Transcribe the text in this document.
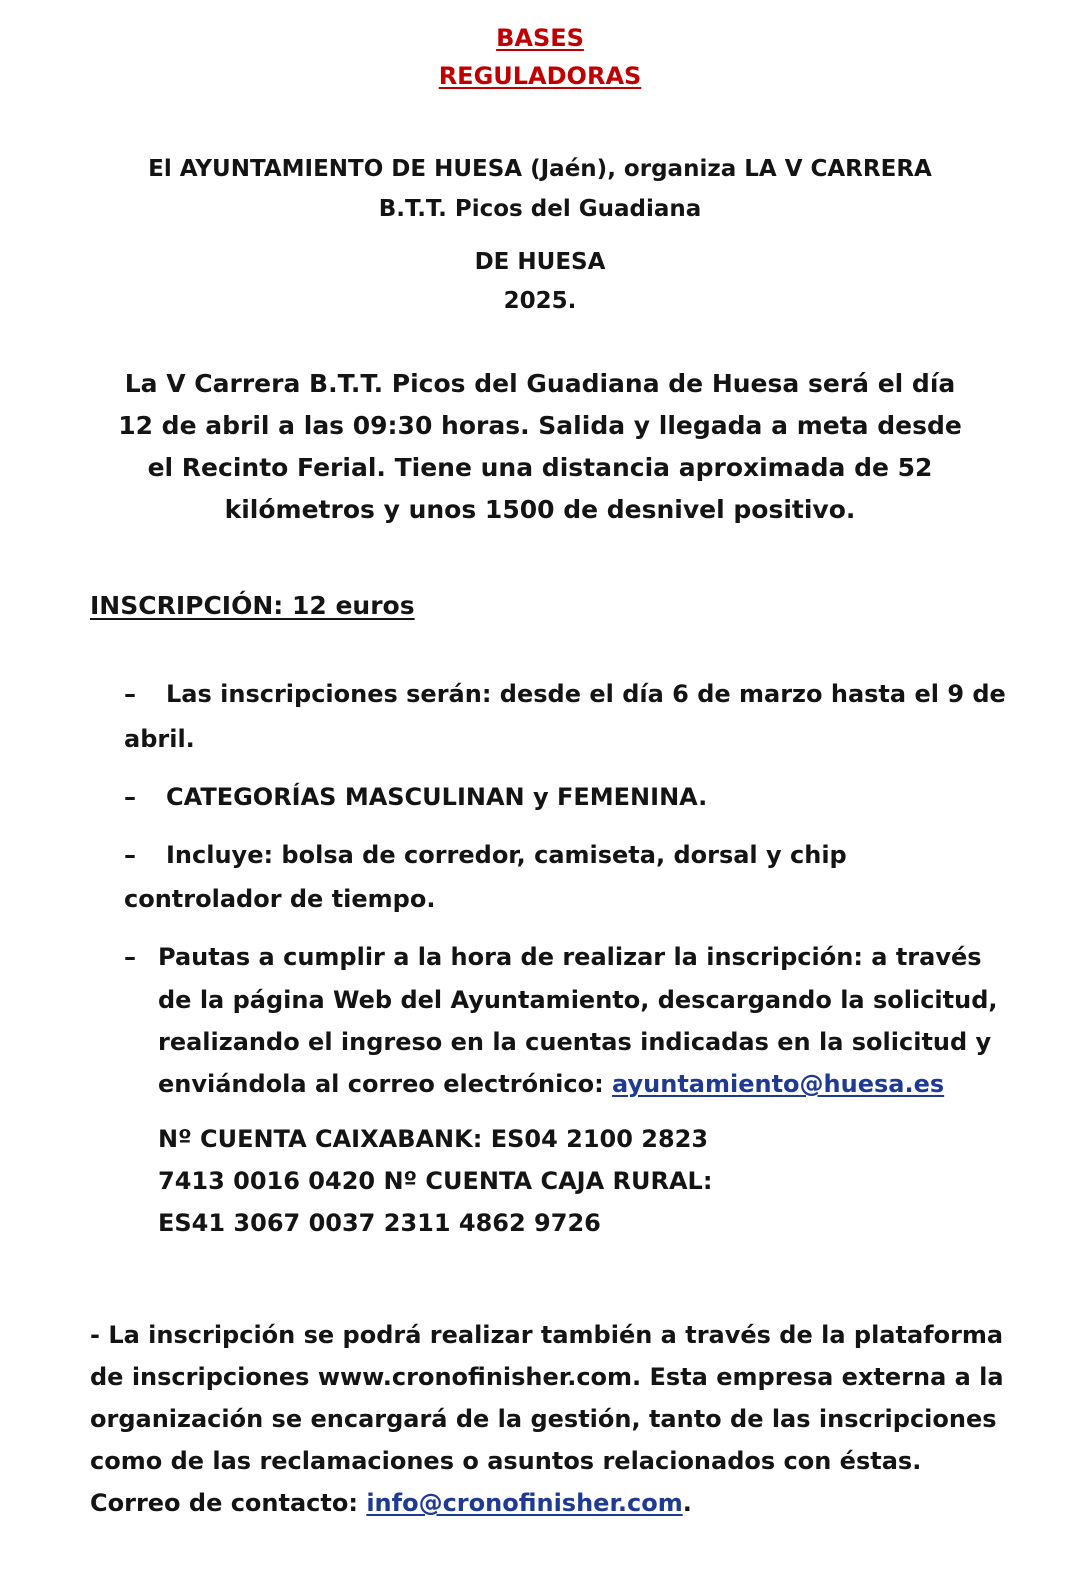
BASES
REGULADORAS
El AYUNTAMIENTO DE HUESA (Jaén), organiza LA V CARRERA
B.T.T. Picos del Guadiana
DE HUESA
2025.
La V Carrera B.T.T. Picos del Guadiana de Huesa será el día
12 de abril a las 09:30 horas. Salida y llegada a meta desde
el Recinto Ferial. Tiene una distancia aproximada de 52
kilómetros y unos 1500 de desnivel positivo.
INSCRIPCIÓN: 12 euros
– Las inscripciones serán: desde el día 6 de marzo hasta el 9 de
abril.
– CATEGORÍAS MASCULINAN y FEMENINA.
– Incluye: bolsa de corredor, camiseta, dorsal y chip
controlador de tiempo.
– Pautas a cumplir a la hora de realizar la inscripción: a través
de la página Web del Ayuntamiento, descargando la solicitud,
realizando el ingreso en la cuentas indicadas en la solicitud y
enviándola al correo electrónico: ayuntamiento@huesa.es
Nº CUENTA CAIXABANK: ES04 2100 2823
7413 0016 0420 Nº CUENTA CAJA RURAL:
ES41 3067 0037 2311 4862 9726
- La inscripción se podrá realizar también a través de la plataforma
de inscripciones www.cronofinisher.com. Esta empresa externa a la
organización se encargará de la gestión, tanto de las inscripciones
como de las reclamaciones o asuntos relacionados con éstas.
Correo de contacto: info@cronofinisher.com.
